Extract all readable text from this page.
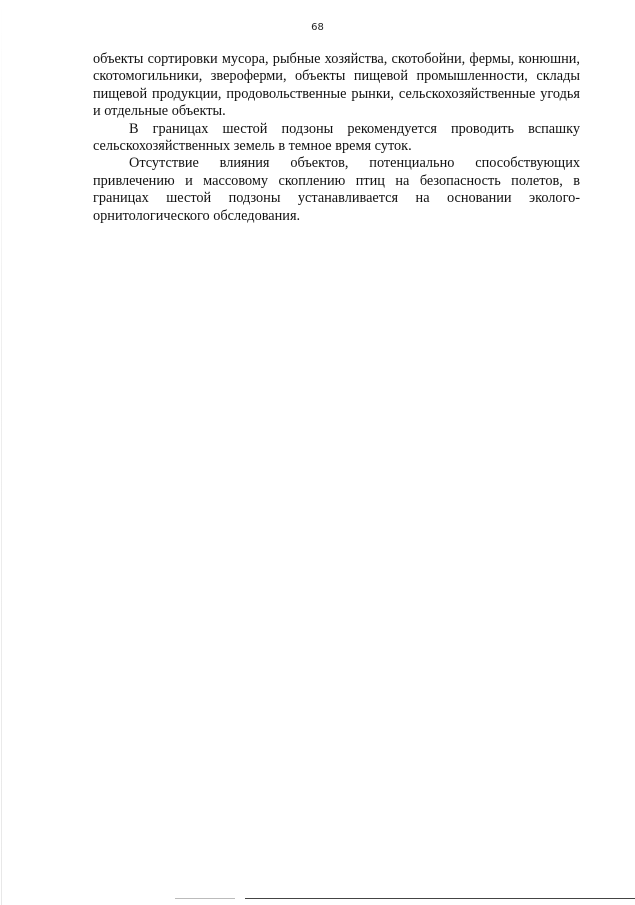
68

объекты сортировки мусора, рыбные хозяйства, скотобойни, фермы, конюшни, скотомогильники, звероферми, объекты пищевой промышленности, склады пищевой продукции, продовольственные рынки, сельскохозяйственные угодья и отдельные объекты.

В границах шестой подзоны рекомендуется проводить вспашку сельскохозяйственных земель в темное время суток.

Отсутствие влияния объектов, потенциально способствующих привлечению и массовому скоплению птиц на безопасность полетов, в границах шестой подзоны устанавливается на основании эколого-орнитологического обследования.
